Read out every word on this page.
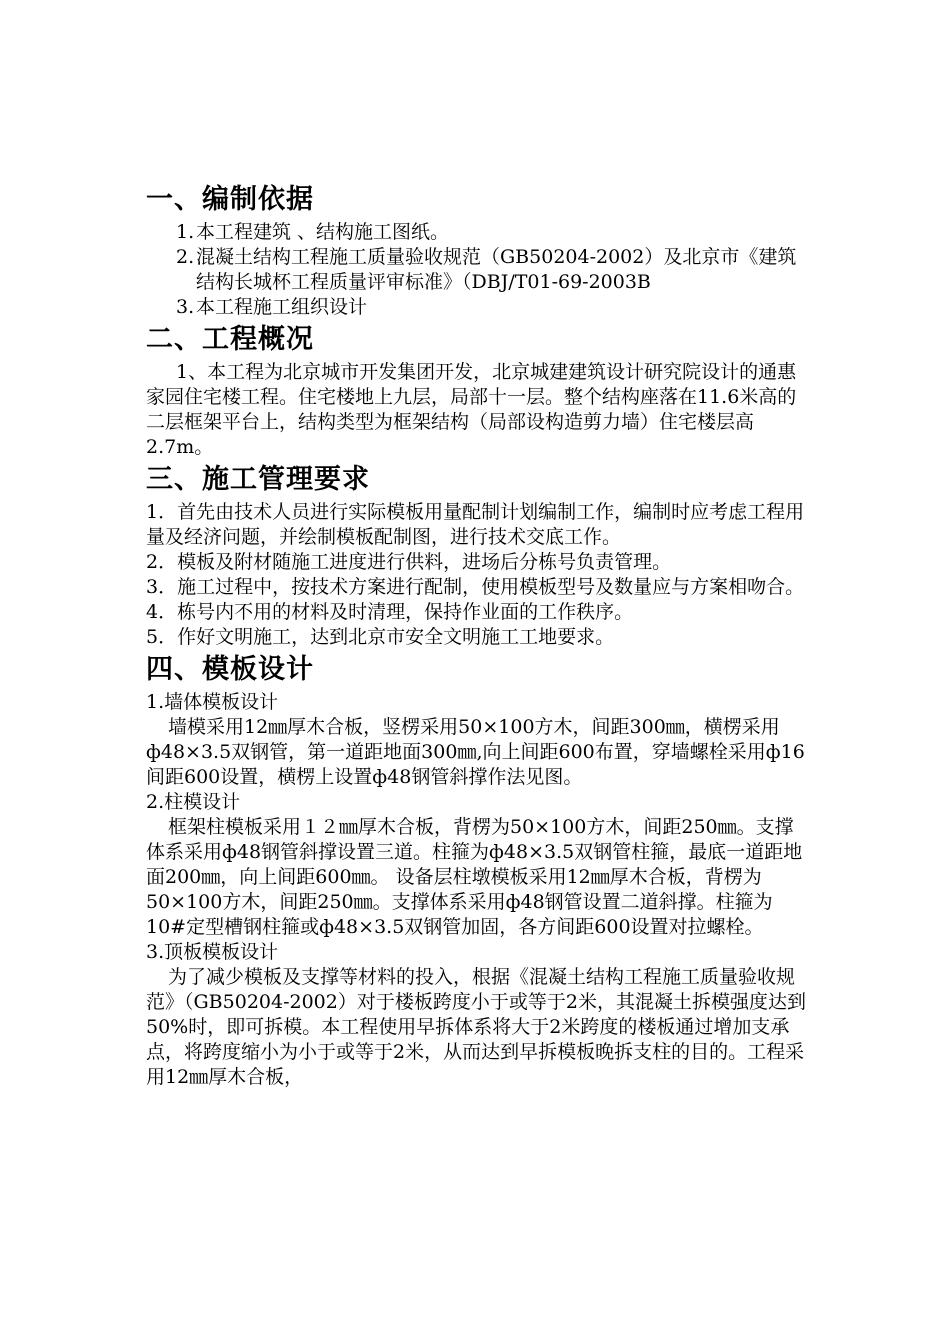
一、编制依据
1. 本工程建筑 、结构施工图纸。
2. 混凝土结构工程施工质量验收规范（GB50204-2002）及北京市《建筑结构长城杯工程质量评审标准》（DBJ/T01-69-2003B
3. 本工程施工组织设计
二、工程概况

1、本工程为北京城市开发集团开发，北京城建建筑设计研究院设计的通惠家园住宅楼工程。住宅楼地上九层，局部十一层。整个结构座落在11.6米高的二层框架平台上，结构类型为框架结构（局部设构造剪力墙）住宅楼层高2.7m。

三、施工管理要求

1．首先由技术人员进行实际模板用量配制计划编制工作，编制时应考虑工程用量及经济问题，并绘制模板配制图，进行技术交底工作。

2．模板及附材随施工进度进行供料，进场后分栋号负责管理。

3．施工过程中，按技术方案进行配制，使用模板型号及数量应与方案相吻合。

4．栋号内不用的材料及时清理，保持作业面的工作秩序。

5．作好文明施工，达到北京市安全文明施工工地要求。

四、模板设计

1.墙体模板设计

墙模采用12㎜厚木合板，竖楞采用50×100方木，间距300㎜，横楞采用ф48×3.5双钢管，第一道距地面300㎜,向上间距600布置，穿墙螺栓采用ф16间距600设置，横楞上设置ф48钢管斜撑作法见图。

2.柱模设计

框架柱模板采用１２㎜厚木合板，背楞为50×100方木，间距250㎜。支撑体系采用ф48钢管斜撑设置三道。柱箍为ф48×3.5双钢管柱箍，最底一道距地面200㎜，向上间距600㎜。 设备层柱墩模板采用12㎜厚木合板，背楞为50×100方木，间距250㎜。支撑体系采用ф48钢管设置二道斜撑。柱箍为10#定型槽钢柱箍或ф48×3.5双钢管加固，各方间距600设置对拉螺栓。

3.顶板模板设计

为了减少模板及支撑等材料的投入，根据《混凝土结构工程施工质量验收规范》（GB50204-2002）对于楼板跨度小于或等于2米，其混凝土拆模强度达到50%时，即可拆模。本工程使用早拆体系将大于2米跨度的楼板通过增加支承点，将跨度缩小为小于或等于2米，从而达到早拆模板晚拆支柱的目的。工程采用12㎜厚木合板，
